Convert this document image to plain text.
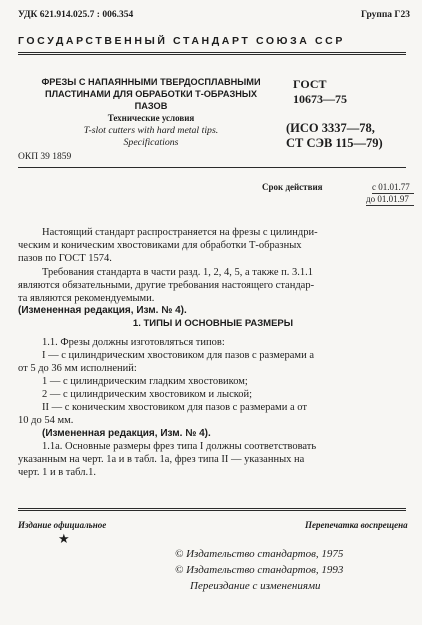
УДК 621.914.025.7 : 006.354	Группа Г23
ГОСУДАРСТВЕННЫЙ СТАНДАРТ СОЮЗА ССР
ФРЕЗЫ С НАПАЯННЫМИ ТВЕРДОСПЛАВНЫМИ
ПЛАСТИНАМИ ДЛЯ ОБРАБОТКИ Т-ОБРАЗНЫХ
ПАЗОВ
Технические условия
T-slot cutters with hard metal tips.
Specifications
ГОСТ
10673—75
(ИСО 3337—78,
СТ СЭВ 115—79)
ОКП 39 1859
Срок действия	с 01.01.77
до 01.01.97
Настоящий стандарт распространяется на фрезы с цилиндри-
ческим и коническим хвостовиками для обработки Т-образных
пазов по ГОСТ 1574.
Требования стандарта в части разд. 1, 2, 4, 5, а также п. 3.1.1
являются обязательными, другие требования настоящего стандар-
та являются рекомендуемыми.
(Измененная редакция, Изм. № 4).
1. ТИПЫ И ОСНОВНЫЕ РАЗМЕРЫ
1.1. Фрезы должны изготовляться типов:
I — с цилиндрическим хвостовиком для пазов с размерами a
от 5 до 36 мм исполнений:
1 — с цилиндрическим гладким хвостовиком;
2 — с цилиндрическим хвостовиком и лыской;
II — с коническим хвостовиком для пазов с размерами a от
10 до 54 мм.
(Измененная редакция, Изм. № 4).
1.1а. Основные размеры фрез типа I должны соответствовать
указанным на черт. 1а и в табл. 1а, фрез типа II — указанных на
черт. 1 и в табл.1.
Издание официальное	Перепечатка воспрещена
★
© Издательство стандартов, 1975
© Издательство стандартов, 1993
Переиздание с изменениями
